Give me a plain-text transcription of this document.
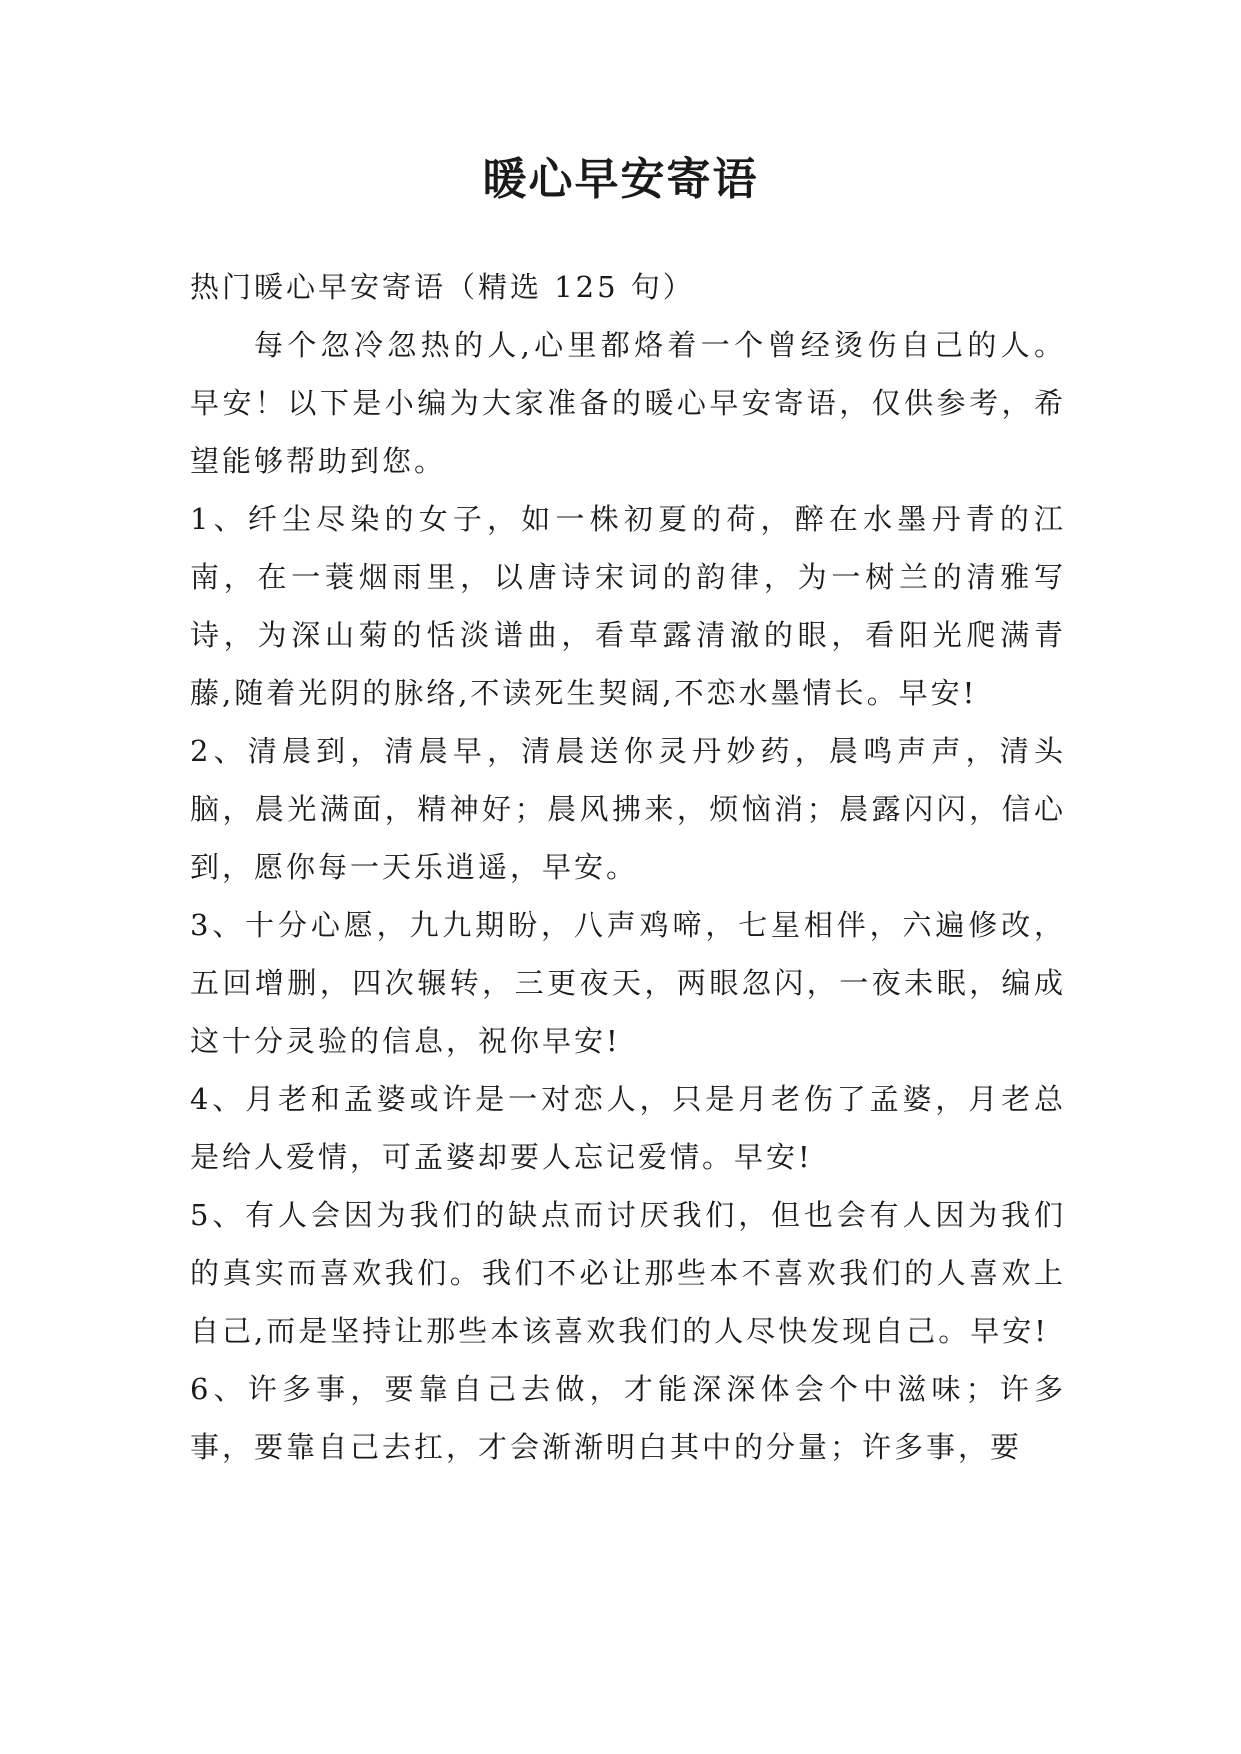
暖心早安寄语

热门暖心早安寄语（精选 125 句）

每个忽冷忽热的人,心里都烙着一个曾经烫伤自己的人。早安！以下是小编为大家准备的暖心早安寄语，仅供参考，希望能够帮助到您。

1、纤尘尽染的女子，如一株初夏的荷，醉在水墨丹青的江南，在一蓑烟雨里，以唐诗宋词的韵律，为一树兰的清雅写诗，为深山菊的恬淡谱曲，看草露清澈的眼，看阳光爬满青藤,随着光阴的脉络,不读死生契阔,不恋水墨情长。早安!

2、清晨到，清晨早，清晨送你灵丹妙药，晨鸣声声，清头脑，晨光满面，精神好；晨风拂来，烦恼消；晨露闪闪，信心到，愿你每一天乐逍遥，早安。

3、十分心愿，九九期盼，八声鸡啼，七星相伴，六遍修改，五回增删，四次辗转，三更夜天，两眼忽闪，一夜未眠，编成这十分灵验的信息，祝你早安!

4、月老和孟婆或许是一对恋人，只是月老伤了孟婆，月老总是给人爱情，可孟婆却要人忘记爱情。早安!

5、有人会因为我们的缺点而讨厌我们，但也会有人因为我们的真实而喜欢我们。我们不必让那些本不喜欢我们的人喜欢上自己,而是坚持让那些本该喜欢我们的人尽快发现自己。早安!

6、许多事，要靠自己去做，才能深深体会个中滋味；许多事，要靠自己去扛，才会渐渐明白其中的分量；许多事，要
